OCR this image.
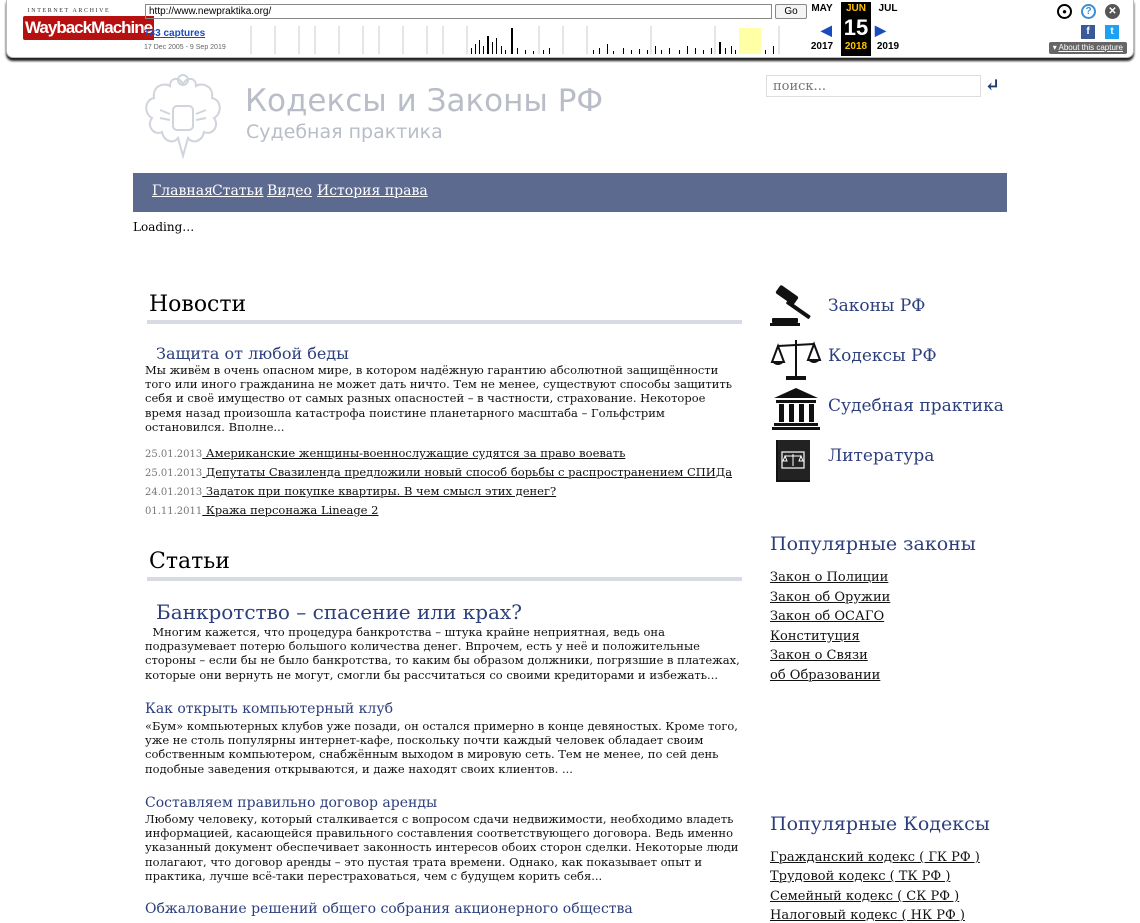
INTERNET ARCHIVE
WaybackMachine
http://www.newpraktika.org/	Go
133 captures
17 Dec 2005 - 9 Sep 2019
MAY
2017
◀
JUN
15
2018
▶
JUL
2019
●	?	✕
f	t
▾ About this capture
Кодексы и Законы РФ
Судебная практика
поиск...
↵
Главная Статьи Видео История права
Loading…
Новости
Защита от любой беды

Мы живём в очень опасном мире, в котором надёжную гарантию абсолютной защищённости того или иного гражданина не может дать ничто. Тем не менее, существуют способы защитить себя и своё имущество от самых разных опасностей – в частности, страхование. Некоторое время назад произошла катастрофа поистине планетарного масштаба – Гольфстрим остановился. Вполне...

25.01.2013 Американские женщины-военнослужащие судятся за право воевать
25.01.2013 Депутаты Свазиленда предложили новый способ борьбы с распространением СПИДа
24.01.2013 Задаток при покупке квартиры. В чем смысл этих денег?
01.11.2011 Кража персонажа Lineage 2
Статьи
Банкротство – спасение или крах?

Многим кажется, что процедура банкротства – штука крайне неприятная, ведь она подразумевает потерю большого количества денег. Впрочем, есть у неё и положительные стороны – если бы не было банкротства, то каким бы образом должники, погрязшие в платежах, которые они вернуть не могут, смогли бы рассчитаться со своими кредиторами и избежать...

Как открыть компьютерный клуб

«Бум» компьютерных клубов уже позади, он остался примерно в конце девяностых. Кроме того, уже не столь популярны интернет-кафе, поскольку почти каждый человек обладает своим собственным компьютером, снабжённым выходом в мировую сеть. Тем не менее, по сей день подобные заведения открываются, и даже находят своих клиентов. ...

Составляем правильно договор аренды

Любому человеку, который сталкивается с вопросом сдачи недвижимости, необходимо владеть информацией, касающейся правильного составления соответствующего договора. Ведь именно указанный документ обеспечивает законность интересов обоих сторон сделки. Некоторые люди полагают, что договор аренды – это пустая трата времени. Однако, как показывает опыт и практика, лучше всё-таки перестраховаться, чем с будущем корить себя...

Обжалование решений общего собрания акционерного общества
Законы РФ
Кодексы РФ
Судебная практика
Литература
Популярные законы
Закон о Полиции
Закон об Оружии
Закон об ОСАГО
Конституция
Закон о Связи
об Образовании
Популярные Кодексы
Гражданский кодекс ( ГК РФ )
Трудовой кодекс ( ТК РФ )
Семейный кодекс ( СК РФ )
Налоговый кодекс ( НК РФ )
